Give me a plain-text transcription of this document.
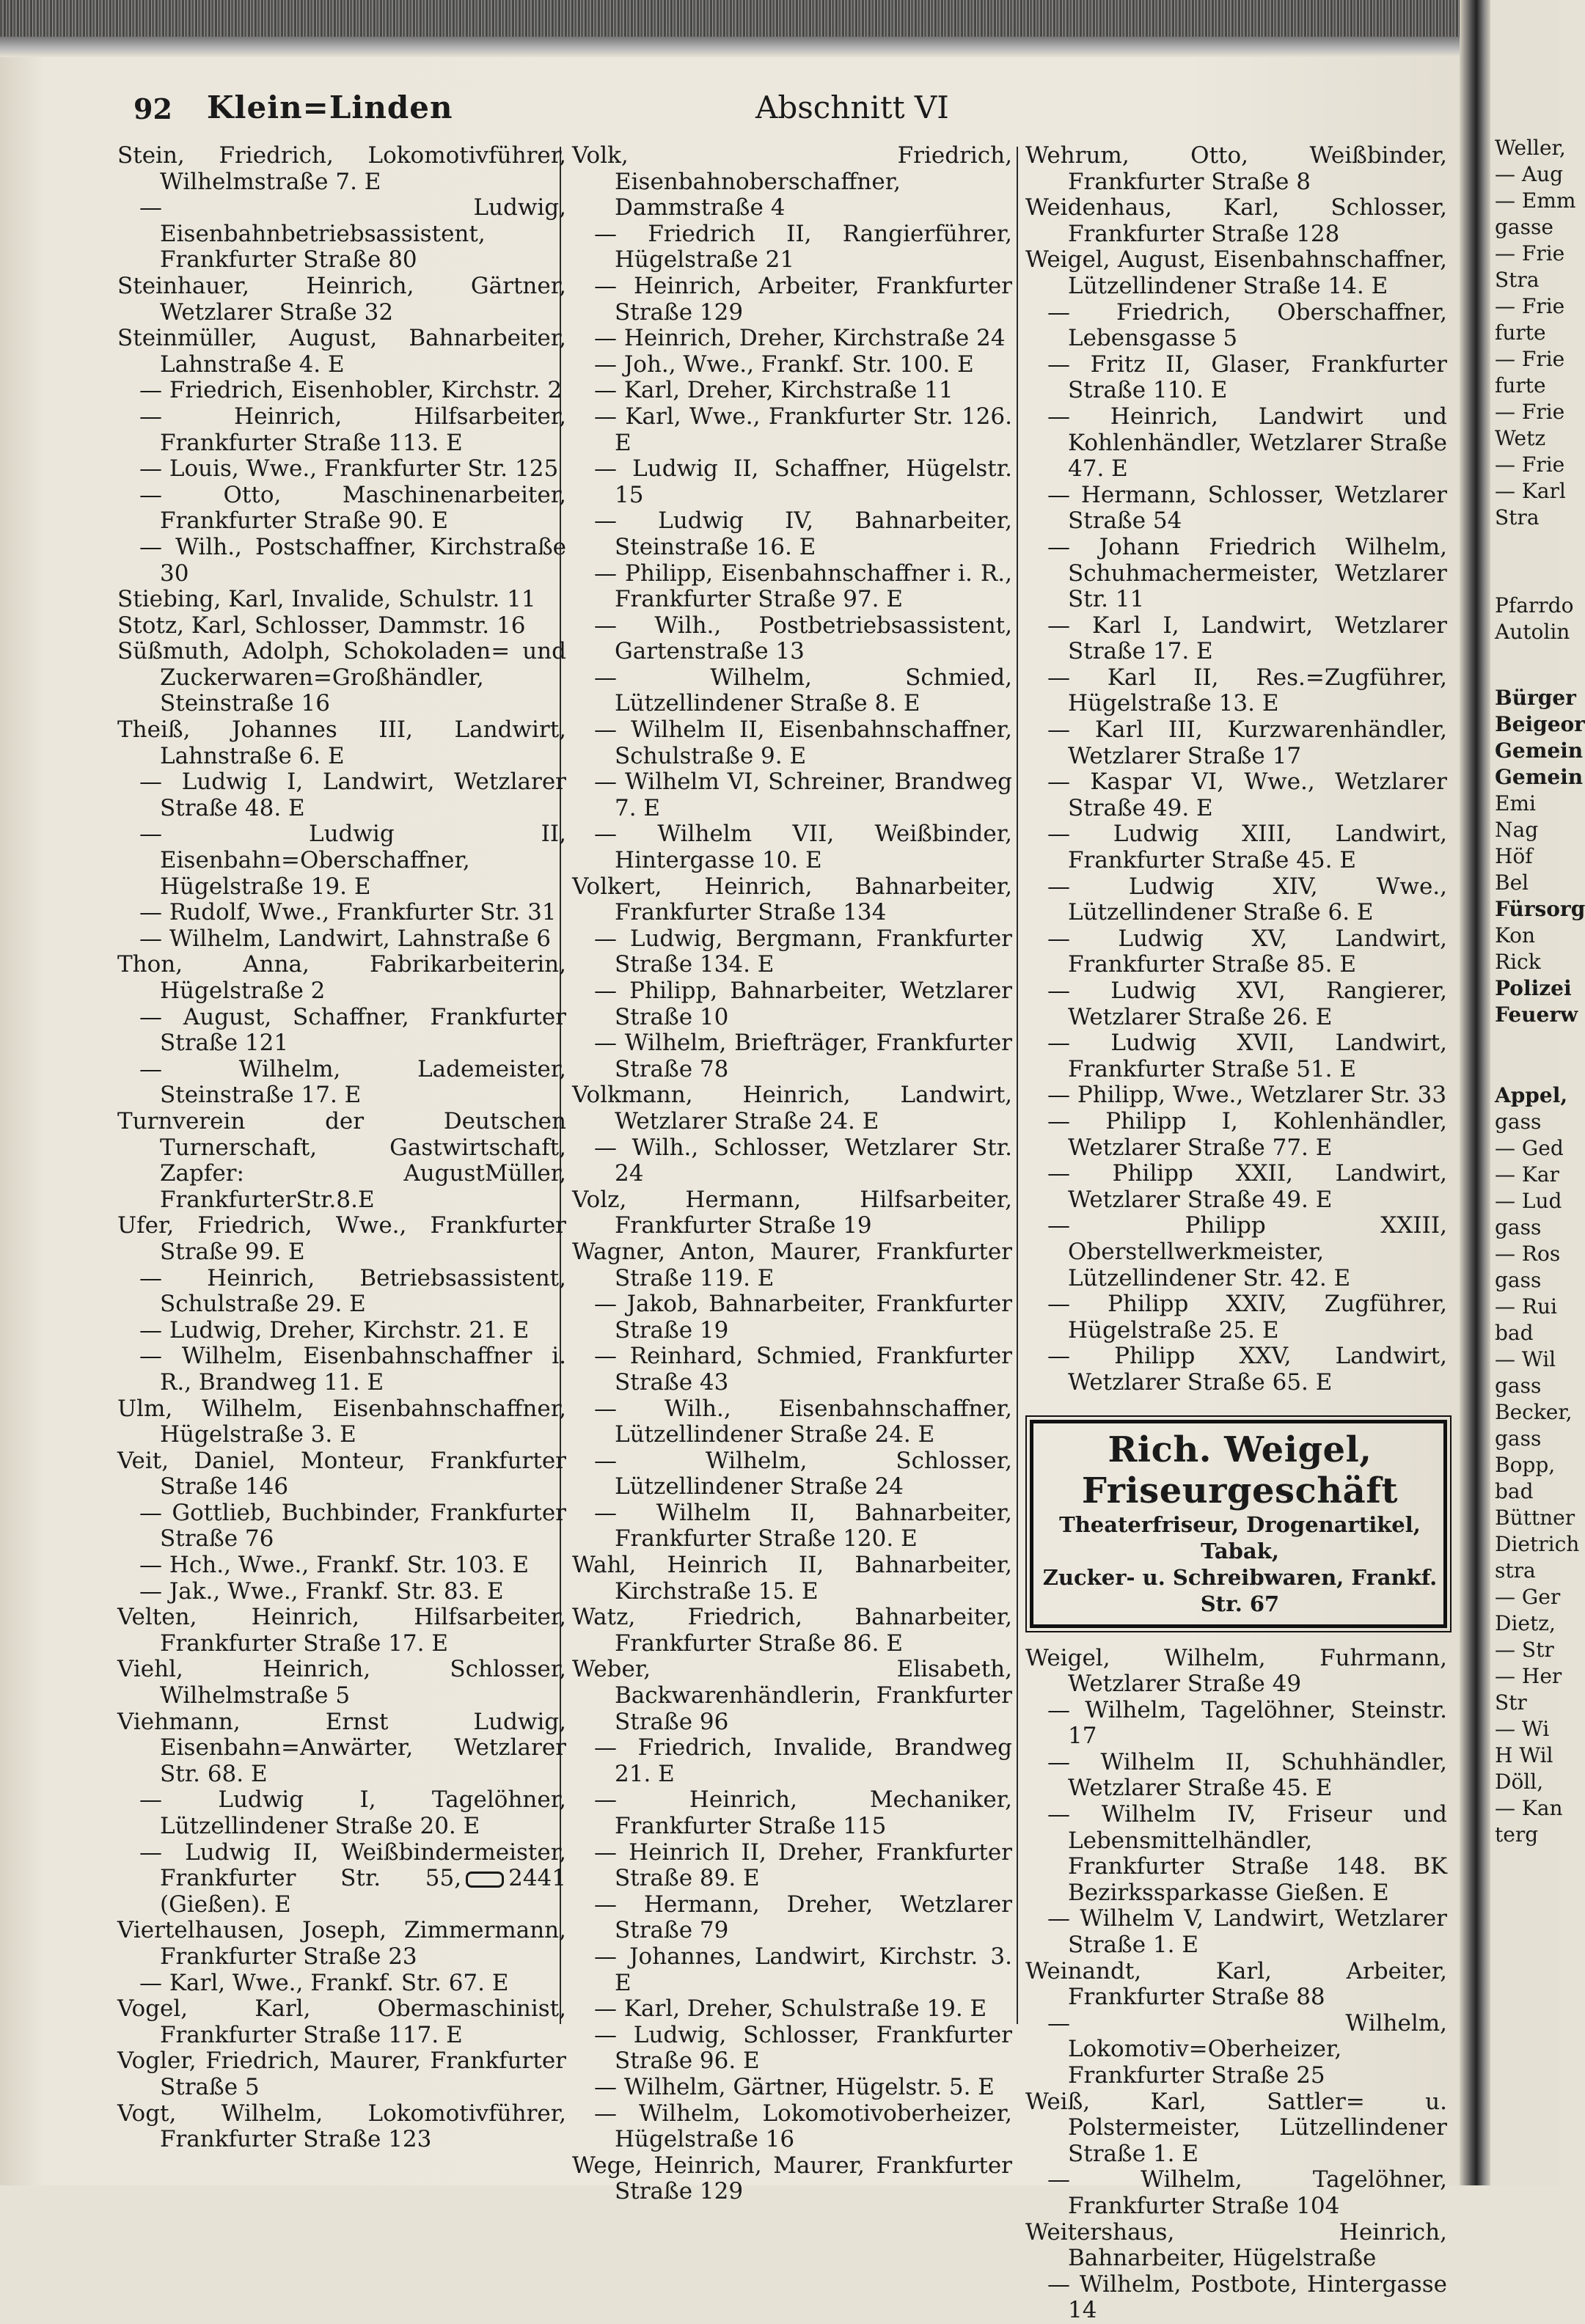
92 Klein=Linden	Abschnitt VI

Stein, Friedrich, Lokomotivführer, Wilhelmstraße 7. E

— Ludwig, Eisenbahnbetriebsassistent, Frankfurter Straße 80

Steinhauer, Heinrich, Gärtner, Wetzlarer Straße 32

Steinmüller, August, Bahnarbeiter, Lahnstraße 4. E

— Friedrich, Eisenhobler, Kirchstr. 2

— Heinrich, Hilfsarbeiter, Frankfurter Straße 113. E

— Louis, Wwe., Frankfurter Str. 125

— Otto, Maschinenarbeiter, Frankfurter Straße 90. E

— Wilh., Postschaffner, Kirchstraße 30

Stiebing, Karl, Invalide, Schulstr. 11

Stotz, Karl, Schlosser, Dammstr. 16

Süßmuth, Adolph, Schokoladen= und Zuckerwaren=Großhändler, Steinstraße 16

Theiß, Johannes III, Landwirt, Lahnstraße 6. E

— Ludwig I, Landwirt, Wetzlarer Straße 48. E

— Ludwig II, Eisenbahn=Oberschaffner, Hügelstraße 19. E

— Rudolf, Wwe., Frankfurter Str. 31

— Wilhelm, Landwirt, Lahnstraße 6

Thon, Anna, Fabrikarbeiterin, Hügelstraße 2

— August, Schaffner, Frankfurter Straße 121

— Wilhelm, Lademeister, Steinstraße 17. E

Turnverein der Deutschen Turnerschaft, Gastwirtschaft, Zapfer: AugustMüller, FrankfurterStr.8.E

Ufer, Friedrich, Wwe., Frankfurter Straße 99. E

— Heinrich, Betriebsassistent, Schulstraße 29. E

— Ludwig, Dreher, Kirchstr. 21. E

— Wilhelm, Eisenbahnschaffner i. R., Brandweg 11. E

Ulm, Wilhelm, Eisenbahnschaffner, Hügelstraße 3. E

Veit, Daniel, Monteur, Frankfurter Straße 146

— Gottlieb, Buchbinder, Frankfurter Straße 76

— Hch., Wwe., Frankf. Str. 103. E

— Jak., Wwe., Frankf. Str. 83. E

Velten, Heinrich, Hilfsarbeiter, Frankfurter Straße 17. E

Viehl, Heinrich, Schlosser, Wilhelmstraße 5

Viehmann, Ernst Ludwig, Eisenbahn=Anwärter, Wetzlarer Str. 68. E

— Ludwig I, Tagelöhner, Lützellindener Straße 20. E

— Ludwig II, Weißbindermeister, Frankfurter Str. 55, 2441 (Gießen). E

Viertelhausen, Joseph, Zimmermann, Frankfurter Straße 23

— Karl, Wwe., Frankf. Str. 67. E

Vogel, Karl, Obermaschinist, Frankfurter Straße 117. E

Vogler, Friedrich, Maurer, Frankfurter Straße 5

Vogt, Wilhelm, Lokomotivführer, Frankfurter Straße 123

Volk, Friedrich, Eisenbahnoberschaffner, Dammstraße 4

— Friedrich II, Rangierführer, Hügelstraße 21

— Heinrich, Arbeiter, Frankfurter Straße 129

— Heinrich, Dreher, Kirchstraße 24

— Joh., Wwe., Frankf. Str. 100. E

— Karl, Dreher, Kirchstraße 11

— Karl, Wwe., Frankfurter Str. 126. E

— Ludwig II, Schaffner, Hügelstr. 15

— Ludwig IV, Bahnarbeiter, Steinstraße 16. E

— Philipp, Eisenbahnschaffner i. R., Frankfurter Straße 97. E

— Wilh., Postbetriebsassistent, Gartenstraße 13

— Wilhelm, Schmied, Lützellindener Straße 8. E

— Wilhelm II, Eisenbahnschaffner, Schulstraße 9. E

— Wilhelm VI, Schreiner, Brandweg 7. E

— Wilhelm VII, Weißbinder, Hintergasse 10. E

Volkert, Heinrich, Bahnarbeiter, Frankfurter Straße 134

— Ludwig, Bergmann, Frankfurter Straße 134. E

— Philipp, Bahnarbeiter, Wetzlarer Straße 10

— Wilhelm, Briefträger, Frankfurter Straße 78

Volkmann, Heinrich, Landwirt, Wetzlarer Straße 24. E

— Wilh., Schlosser, Wetzlarer Str. 24

Volz, Hermann, Hilfsarbeiter, Frankfurter Straße 19

Wagner, Anton, Maurer, Frankfurter Straße 119. E

— Jakob, Bahnarbeiter, Frankfurter Straße 19

— Reinhard, Schmied, Frankfurter Straße 43

— Wilh., Eisenbahnschaffner, Lützellindener Straße 24. E

— Wilhelm, Schlosser, Lützellindener Straße 24

— Wilhelm II, Bahnarbeiter, Frankfurter Straße 120. E

Wahl, Heinrich II, Bahnarbeiter, Kirchstraße 15. E

Watz, Friedrich, Bahnarbeiter, Frankfurter Straße 86. E

Weber, Elisabeth, Backwarenhändlerin, Frankfurter Straße 96

— Friedrich, Invalide, Brandweg 21. E

— Heinrich, Mechaniker, Frankfurter Straße 115

— Heinrich II, Dreher, Frankfurter Straße 89. E

— Hermann, Dreher, Wetzlarer Straße 79

— Johannes, Landwirt, Kirchstr. 3. E

— Karl, Dreher, Schulstraße 19. E

— Ludwig, Schlosser, Frankfurter Straße 96. E

— Wilhelm, Gärtner, Hügelstr. 5. E

— Wilhelm, Lokomotivoberheizer, Hügelstraße 16

Wege, Heinrich, Maurer, Frankfurter Straße 129

Wehrum, Otto, Weißbinder, Frankfurter Straße 8

Weidenhaus, Karl, Schlosser, Frankfurter Straße 128

Weigel, August, Eisenbahnschaffner, Lützellindener Straße 14. E

— Friedrich, Oberschaffner, Lebensgasse 5

— Fritz II, Glaser, Frankfurter Straße 110. E

— Heinrich, Landwirt und Kohlenhändler, Wetzlarer Straße 47. E

— Hermann, Schlosser, Wetzlarer Straße 54

— Johann Friedrich Wilhelm, Schuhmachermeister, Wetzlarer Str. 11

— Karl I, Landwirt, Wetzlarer Straße 17. E

— Karl II, Res.=Zugführer, Hügelstraße 13. E

— Karl III, Kurzwarenhändler, Wetzlarer Straße 17

— Kaspar VI, Wwe., Wetzlarer Straße 49. E

— Ludwig XIII, Landwirt, Frankfurter Straße 45. E

— Ludwig XIV, Wwe., Lützellindener Straße 6. E

— Ludwig XV, Landwirt, Frankfurter Straße 85. E

— Ludwig XVI, Rangierer, Wetzlarer Straße 26. E

— Ludwig XVII, Landwirt, Frankfurter Straße 51. E

— Philipp, Wwe., Wetzlarer Str. 33

— Philipp I, Kohlenhändler, Wetzlarer Straße 77. E

— Philipp XXII, Landwirt, Wetzlarer Straße 49. E

— Philipp XXIII, Oberstellwerkmeister, Lützellindener Str. 42. E

— Philipp XXIV, Zugführer, Hügelstraße 25. E

— Philipp XXV, Landwirt, Wetzlarer Straße 65. E

Rich. Weigel, Friseurgeschäft
Theaterfriseur, Drogenartikel, Tabak,
Zucker- u. Schreibwaren, Frankf. Str. 67

Weigel, Wilhelm, Fuhrmann, Wetzlarer Straße 49

— Wilhelm, Tagelöhner, Steinstr. 17

— Wilhelm II, Schuhhändler, Wetzlarer Straße 45. E

— Wilhelm IV, Friseur und Lebensmittelhändler, Frankfurter Straße 148. BK Bezirkssparkasse Gießen. E

— Wilhelm V, Landwirt, Wetzlarer Straße 1. E

Weinandt, Karl, Arbeiter, Frankfurter Straße 88

— Wilhelm, Lokomotiv=Oberheizer, Frankfurter Straße 25

Weiß, Karl, Sattler= u. Polstermeister, Lützellindener Straße 1. E

— Wilhelm, Tagelöhner, Frankfurter Straße 104

Weitershaus, Heinrich, Bahnarbeiter, Hügelstraße

— Wilhelm, Postbote, Hintergasse 14

Weller,
— Aug
— Emm
gasse
— Frie
Stra
— Frie
furte
— Frie
furte
— Frie
Wetz
— Frie
— Karl
Stra
Pfarrdo
Autolin
Bürger
Beigeor
Gemein
Gemein
Emi
Nag
Höf
Bel
Fürsorg
Kon
Rick
Polizei
Feuerw
Appel,
gass
— Ged
— Kar
— Lud
gass
— Ros
gass
— Rui
bad
— Wil
gass
Becker,
gass
Bopp,
bad
Büttner
Dietrich
stra
— Ger
Dietz,
— Str
— Her
Str
— Wi
H Wil
Döll,
— Kan
terg
